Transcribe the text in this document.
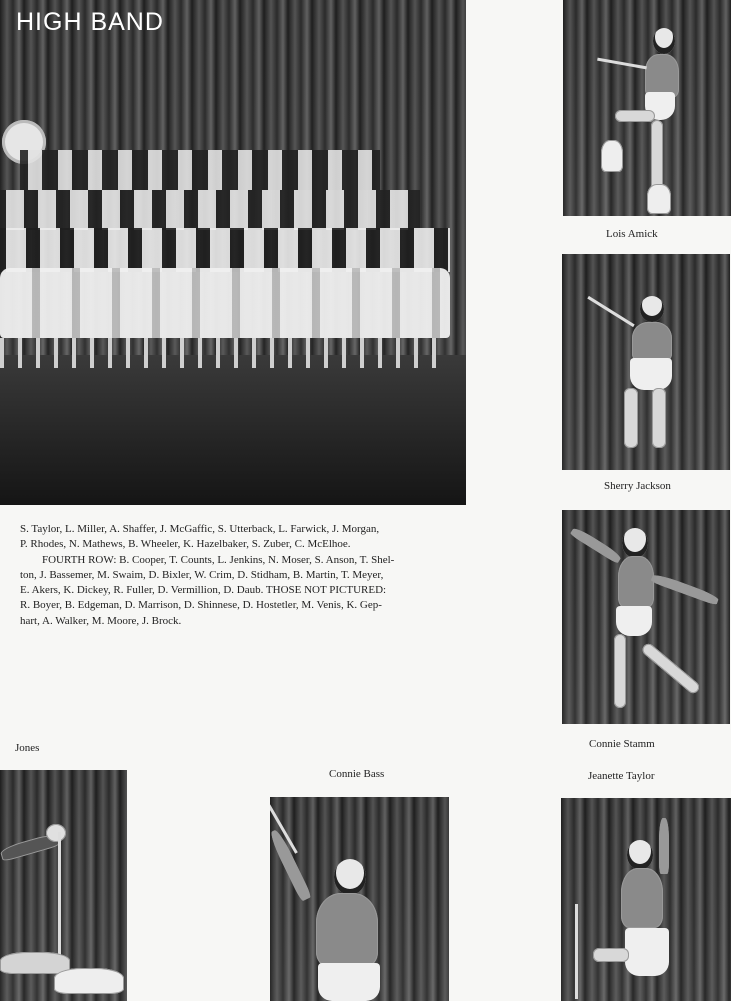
HIGH BAND

S. Taylor, L. Miller, A. Shaffer, J. McGaffic, S. Utterback, L. Farwick, J. Morgan,
P. Rhodes, N. Mathews, B. Wheeler, K. Hazelbaker, S. Zuber, C. McElhoe.
FOURTH ROW: B. Cooper, T. Counts, L. Jenkins, N. Moser, S. Anson, T. Shel-
ton, J. Bassemer, M. Swaim, D. Bixler, W. Crim, D. Stidham, B. Martin, T. Meyer,
E. Akers, K. Dickey, R. Fuller, D. Vermillion, D. Daub. THOSE NOT PICTURED:
R. Boyer, B. Edgeman, D. Marrison, D. Shinnese, D. Hostetler, M. Venis, K. Gep-
hart, A. Walker, M. Moore, J. Brock.

Lois Amick
Sherry Jackson
Connie Stamm
Jeanette Taylor
Jones
Connie Bass
